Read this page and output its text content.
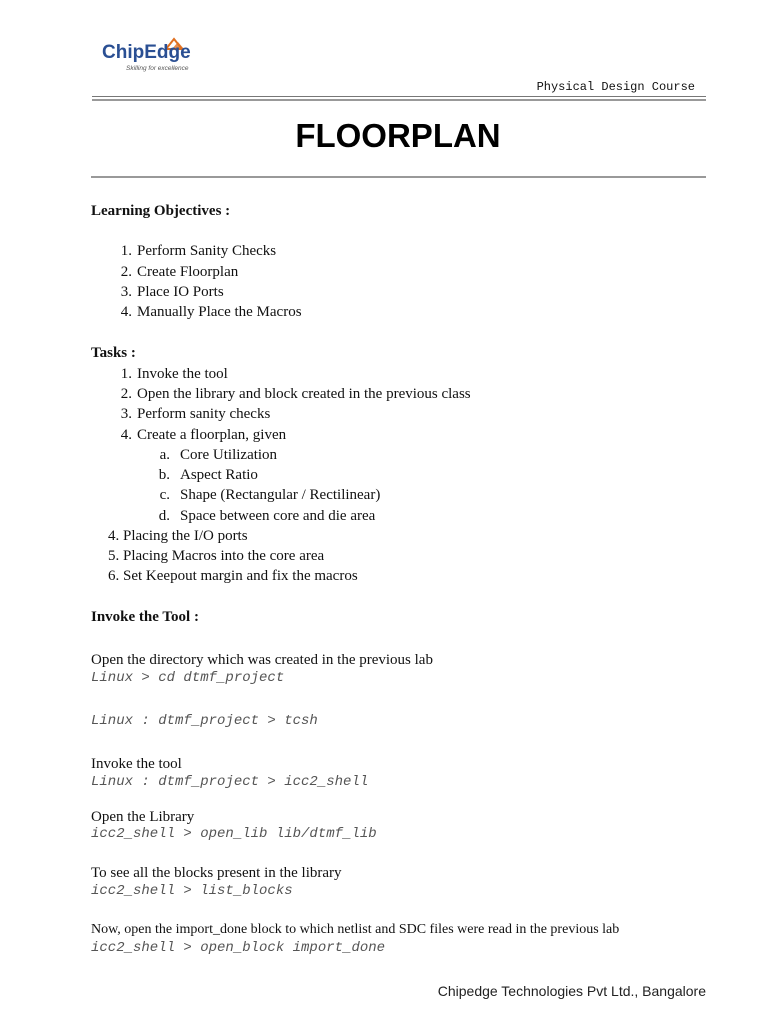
ChipEdge
Skilling for excellence
Physical Design Course
FLOORPLAN
Learning Objectives :
1. Perform Sanity Checks
2. Create Floorplan
3. Place IO Ports
4. Manually Place the Macros
Tasks :
1. Invoke the tool
2. Open the library and block created in the previous class
3. Perform sanity checks
4. Create a floorplan, given
a. Core Utilization
b. Aspect Ratio
c. Shape (Rectangular / Rectilinear)
d. Space between core and die area
4. Placing the I/O ports
5. Placing Macros into the core area
6. Set Keepout margin and fix the macros
Invoke the Tool :
Open the directory which was created in the previous lab
Linux > cd dtmf_project
Linux : dtmf_project > tcsh
Invoke the tool
Linux : dtmf_project > icc2_shell
Open the Library
icc2_shell > open_lib lib/dtmf_lib
To see all the blocks present in the library
icc2_shell > list_blocks
Now, open the import_done block to which netlist and SDC files were read in the previous lab
icc2_shell > open_block import_done
Chipedge Technologies Pvt Ltd., Bangalore
